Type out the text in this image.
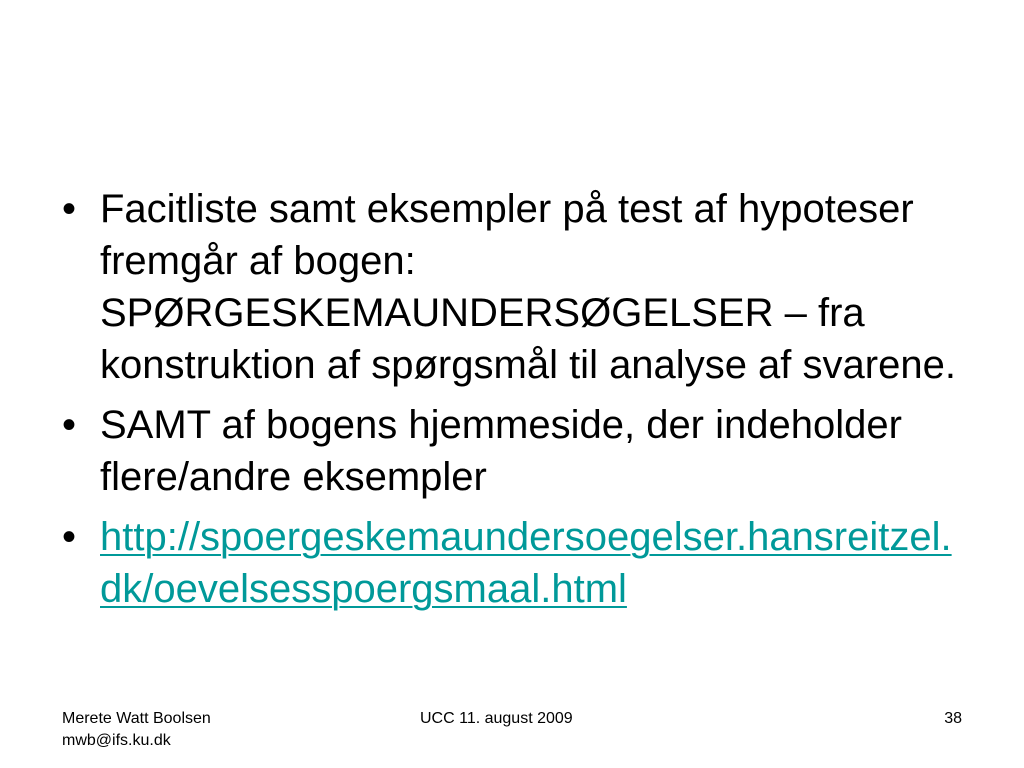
• Facitliste samt eksempler på test af hypoteser fremgår af bogen: SPØRGESKEMAUNDERSØGELSER – fra konstruktion af spørgsmål til analyse af svarene.
• SAMT af bogens hjemmeside, der indeholder flere/andre eksempler
• http://spoergeskemaundersoegelser.hansreitzel.dk/oevelsesspoergsmaal.html
Merete Watt Boolsen
mwb@ifs.ku.dk
UCC 11. august 2009	38
